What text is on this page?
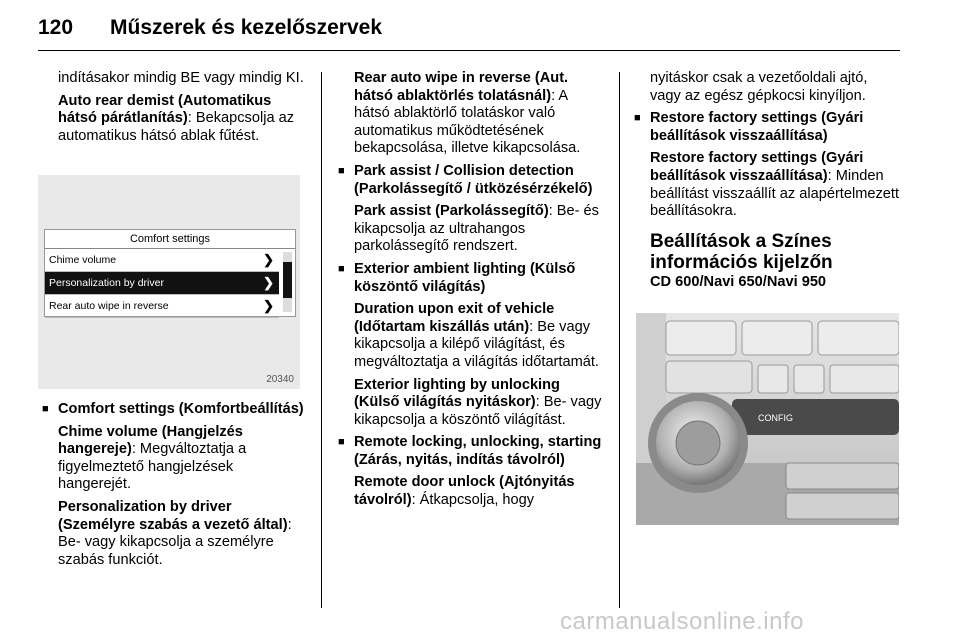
120 Műszerek és kezelőszervek

indításakor mindig BE vagy mindig KI.

Auto rear demist (Automatikus hátsó párátlanítás): Bekapcsolja az automatikus hátsó ablak fűtést.

Comfort settings
Chime volume	❯
Personalization by driver	❯
Rear auto wipe in reverse	❯
20340
■ Comfort settings (Komfortbeállítás)

Chime volume (Hangjelzés hangereje): Megváltoztatja a figyelmeztető hangjelzések hangerejét.

Personalization by driver (Személyre szabás a vezető által): Be- vagy kikapcsolja a személyre szabás funkciót.

Rear auto wipe in reverse (Aut. hátsó ablaktörlés tolatásnál): A hátsó ablaktörlő tolatáskor való automatikus működtetésének bekapcsolása, illetve kikapcsolása.

■ Park assist / Collision detection (Parkolássegítő / ütközésérzékelő)

Park assist (Parkolássegítő): Be- és kikapcsolja az ultrahangos parkolássegítő rendszert.

■ Exterior ambient lighting (Külső köszöntő világítás)

Duration upon exit of vehicle (Időtartam kiszállás után): Be vagy kikapcsolja a kilépő világítást, és megváltoztatja a világítás időtartamát.

Exterior lighting by unlocking (Külső világítás nyitáskor): Be- vagy kikapcsolja a köszöntő világítást.

■ Remote locking, unlocking, starting (Zárás, nyitás, indítás távolról)

Remote door unlock (Ajtónyitás távolról): Átkapcsolja, hogy

nyitáskor csak a vezetőoldali ajtó, vagy az egész gépkocsi kinyíljon.

■ Restore factory settings (Gyári beállítások visszaállítása)

Restore factory settings (Gyári beállítások visszaállítása): Minden beállítást visszaállít az alapértelmezett beállításokra.

Beállítások a Színes információs kijelzőn
CD 600/Navi 650/Navi 950
CONFIG
carmanualsonline.info
